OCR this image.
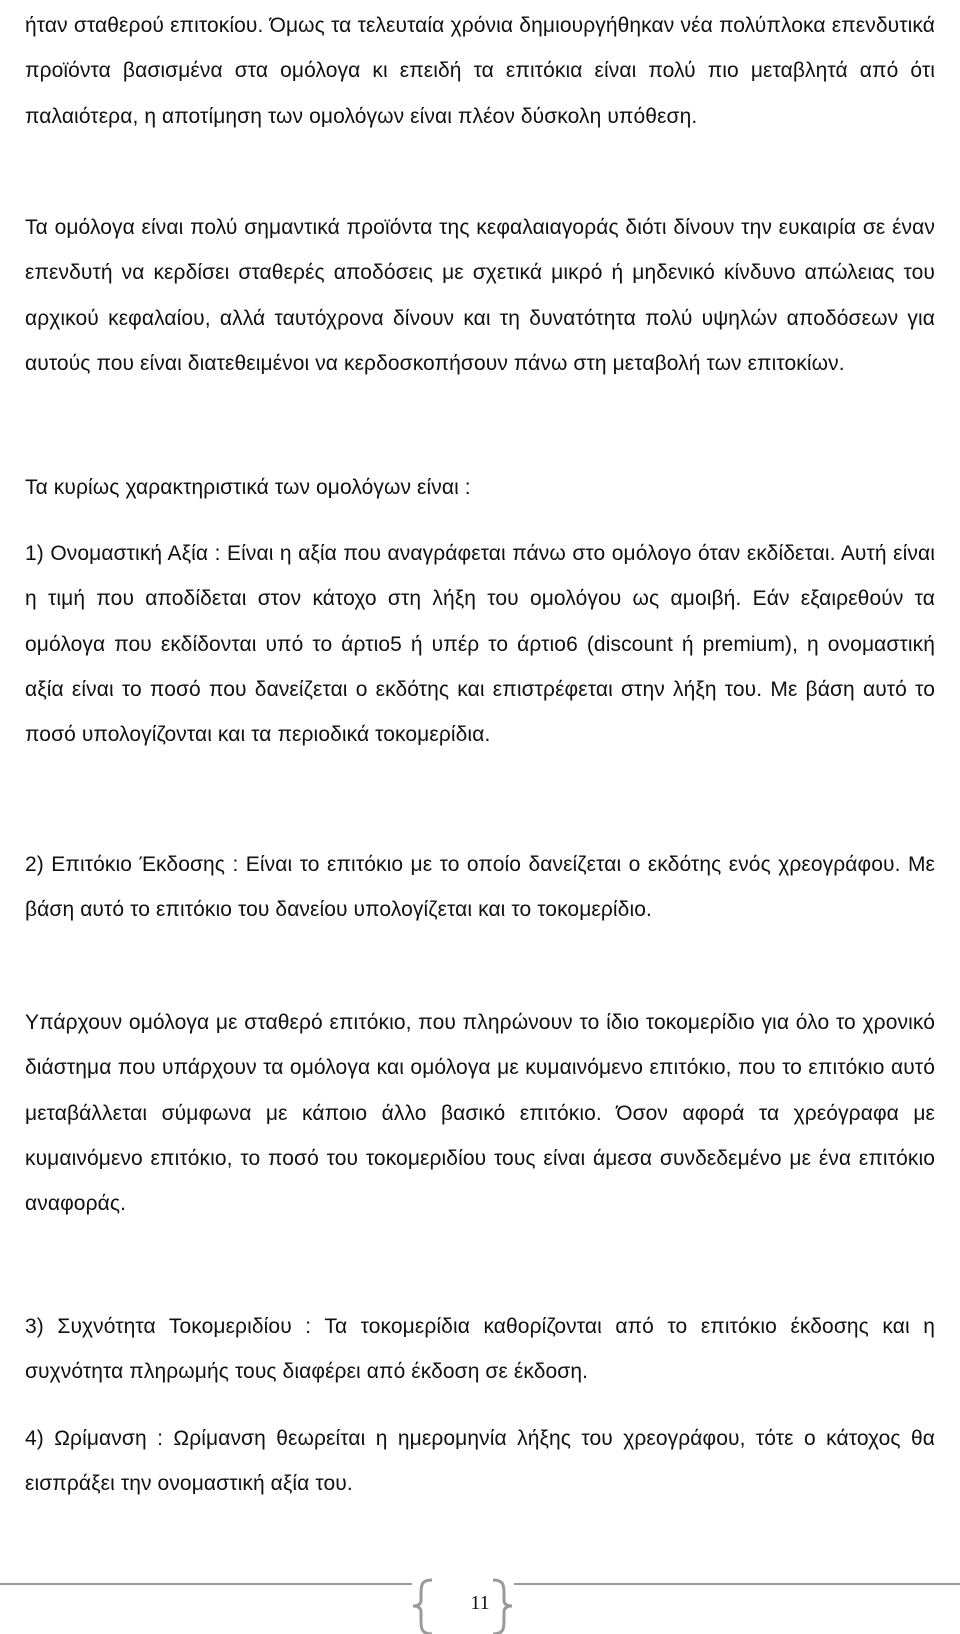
ήταν σταθερού επιτοκίου. Όμως τα τελευταία χρόνια δημιουργήθηκαν νέα πολύπλοκα επενδυτικά προϊόντα βασισμένα στα ομόλογα κι επειδή τα επιτόκια είναι πολύ πιο μεταβλητά από ότι παλαιότερα, η αποτίμηση των ομολόγων είναι πλέον δύσκολη υπόθεση.

Τα ομόλογα είναι πολύ σημαντικά προϊόντα της κεφαλαιαγοράς διότι δίνουν την ευκαιρία σε έναν επενδυτή να κερδίσει σταθερές αποδόσεις με σχετικά μικρό ή μηδενικό κίνδυνο απώλειας του αρχικού κεφαλαίου, αλλά ταυτόχρονα δίνουν και τη δυνατότητα πολύ υψηλών αποδόσεων για αυτούς που είναι διατεθειμένοι να κερδοσκοπήσουν πάνω στη μεταβολή των επιτοκίων.

Τα κυρίως χαρακτηριστικά των ομολόγων είναι :

1) Ονομαστική Αξία : Είναι η αξία που αναγράφεται πάνω στο ομόλογο όταν εκδίδεται. Αυτή είναι η τιμή που αποδίδεται στον κάτοχο στη λήξη του ομολόγου ως αμοιβή. Εάν εξαιρεθούν τα ομόλογα που εκδίδονται υπό το άρτιο5 ή υπέρ το άρτιο6 (discount ή premium), η ονομαστική αξία είναι το ποσό που δανείζεται ο εκδότης και επιστρέφεται στην λήξη του. Με βάση αυτό το ποσό υπολογίζονται και τα περιοδικά τοκομερίδια.

2) Επιτόκιο Έκδοσης : Είναι το επιτόκιο με το οποίο δανείζεται ο εκδότης ενός χρεογράφου. Με βάση αυτό το επιτόκιο του δανείου υπολογίζεται και το τοκομερίδιο.

Υπάρχουν ομόλογα με σταθερό επιτόκιο, που πληρώνουν το ίδιο τοκομερίδιο για όλο το χρονικό διάστημα που υπάρχουν τα ομόλογα και ομόλογα με κυμαινόμενο επιτόκιο, που το επιτόκιο αυτό μεταβάλλεται σύμφωνα με κάποιο άλλο βασικό επιτόκιο. Όσον αφορά τα χρεόγραφα με κυμαινόμενο επιτόκιο, το ποσό του τοκομεριδίου τους είναι άμεσα συνδεδεμένο με ένα επιτόκιο αναφοράς.

3) Συχνότητα Τοκομεριδίου : Τα τοκομερίδια καθορίζονται από το επιτόκιο έκδοσης και η συχνότητα πληρωμής τους διαφέρει από έκδοση σε έκδοση.

4) Ωρίμανση : Ωρίμανση θεωρείται η ημερομηνία λήξης του χρεογράφου, τότε ο κάτοχος θα εισπράξει την ονομαστική αξία του.

11
